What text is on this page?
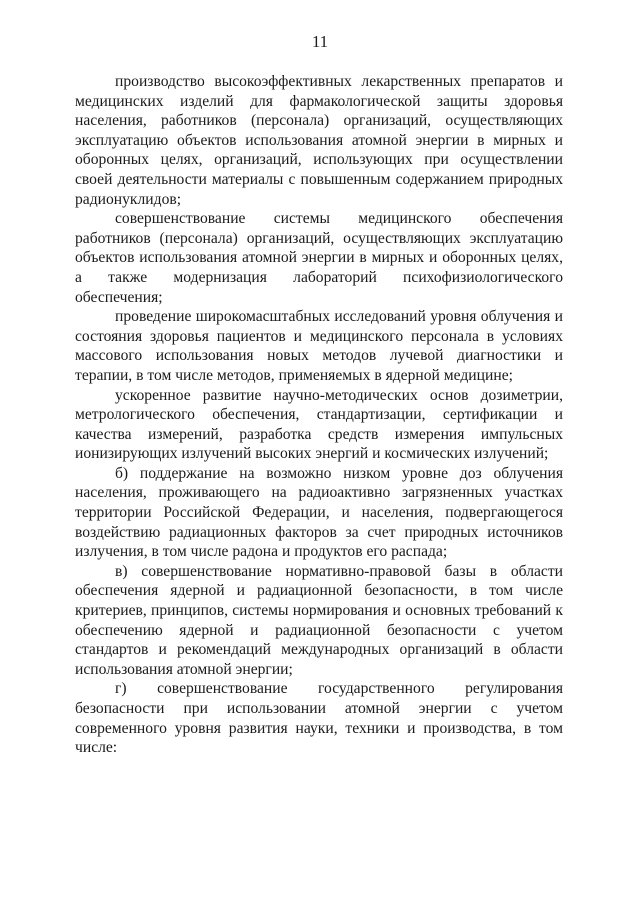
11

производство высокоэффективных лекарственных препаратов и медицинских изделий для фармакологической защиты здоровья населения, работников (персонала) организаций, осуществляющих эксплуатацию объектов использования атомной энергии в мирных и оборонных целях, организаций, использующих при осуществлении своей деятельности материалы с повышенным содержанием природных радионуклидов;

совершенствование системы медицинского обеспечения работников (персонала) организаций, осуществляющих эксплуатацию объектов использования атомной энергии в мирных и оборонных целях, а также модернизация лабораторий психофизиологического обеспечения;

проведение широкомасштабных исследований уровня облучения и состояния здоровья пациентов и медицинского персонала в условиях массового использования новых методов лучевой диагностики и терапии, в том числе методов, применяемых в ядерной медицине;

ускоренное развитие научно-методических основ дозиметрии, метрологического обеспечения, стандартизации, сертификации и качества измерений, разработка средств измерения импульсных ионизирующих излучений высоких энергий и космических излучений;

б) поддержание на возможно низком уровне доз облучения населения, проживающего на радиоактивно загрязненных участках территории Российской Федерации, и населения, подвергающегося воздействию радиационных факторов за счет природных источников излучения, в том числе радона и продуктов его распада;

в) совершенствование нормативно-правовой базы в области обеспечения ядерной и радиационной безопасности, в том числе критериев, принципов, системы нормирования и основных требований к обеспечению ядерной и радиационной безопасности с учетом стандартов и рекомендаций международных организаций в области использования атомной энергии;

г) совершенствование государственного регулирования безопасности при использовании атомной энергии с учетом современного уровня развития науки, техники и производства, в том числе:
